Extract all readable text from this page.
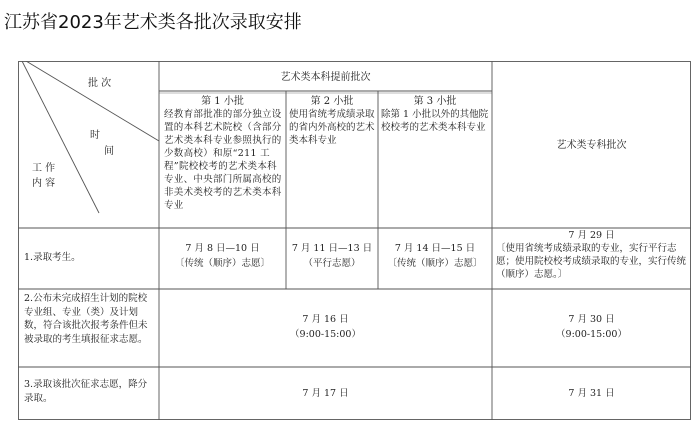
江苏省2023年艺术类各批次录取安排
批 次
时
间
工 作
内 容
艺术类本科提前批次
艺术类专科批次
第 1 小批
经教育部批准的部分独立设置的本科艺术院校（含部分艺术类本科专业参照执行的少数高校）和原“211 工程”院校校考的艺术类本科专业、中央部门所属高校的非美术类校考的艺术类本科专业
第 2 小批
使用省统考成绩录取的省内外高校的艺术类本科专业
第 3 小批
除第 1 小批以外的其他院校校考的艺术类本科专业
1.录取考生。
7 月 8 日—10 日
〔传统（顺序）志愿〕
7 月 11 日—13 日
（平行志愿）
7 月 14 日—15 日
〔传统（顺序）志愿〕
7 月 29 日
〔使用省统考成绩录取的专业，实行平行志愿；使用院校校考成绩录取的专业，实行传统（顺序）志愿。〕
2.公布未完成招生计划的院校专业组、专业（类）及计划数，符合该批次报考条件但未被录取的考生填报征求志愿。
7 月 16 日
（9:00-15:00）
7 月 30 日
（9:00-15:00）
3.录取该批次征求志愿，降分录取。	7 月 17 日	7 月 31 日
